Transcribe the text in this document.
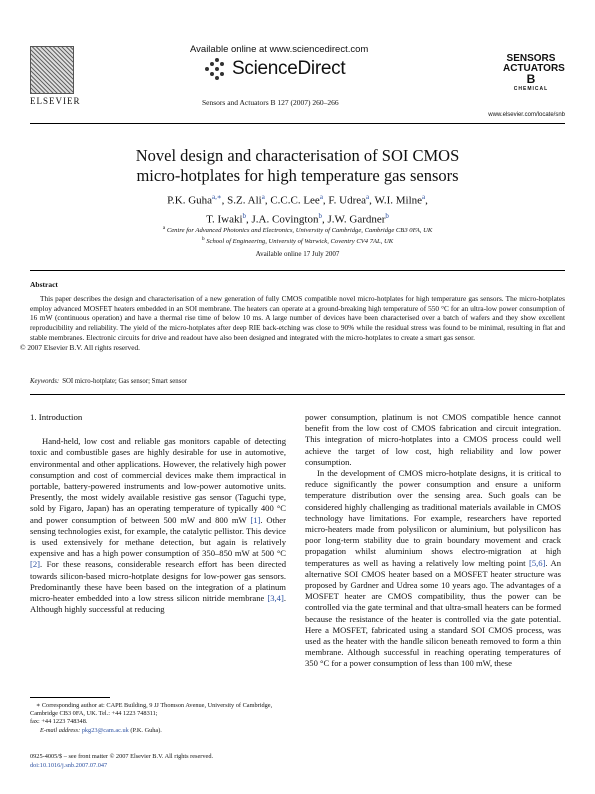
ELSEVIER
Available online at www.sciencedirect.com
ScienceDirect
Sensors and Actuators B 127 (2007) 260–266
SENSORS
ACTUATORS
B
CHEMICAL
www.elsevier.com/locate/snb
Novel design and characterisation of SOI CMOS
micro-hotplates for high temperature gas sensors
P.K. Guha$^{a,∗}$, S.Z. Ali$^a$, C.C.C. Lee$^a$, F. Udrea$^a$, W.I. Milne$^a$,
T. Iwaki$^b$, J.A. Covington$^b$, J.W. Gardner$^b$
$^a$ Centre for Advanced Photonics and Electronics, University of Cambridge, Cambridge CB3 0FA, UK
$^b$ School of Engineering, University of Warwick, Coventry CV4 7AL, UK
Available online 17 July 2007
Abstract
This paper describes the design and characterisation of a new generation of fully CMOS compatible novel micro-hotplates for high temperature gas sensors. The micro-hotplates employ advanced MOSFET heaters embedded in an SOI membrane. The heaters can operate at a ground-breaking high temperature of 550 °C for an ultra-low power consumption of 16 mW (continuous operation) and have a thermal rise time of below 10 ms. A large number of devices have been characterised over a batch of wafers and they show excellent reproducibility and reliability. The yield of the micro-hotplates after deep RIE back-etching was close to 90% while the residual stress was found to be minimal, resulting in flat and stable membranes. Electronic circuits for drive and readout have also been designed and integrated with the micro-hotplates to create a smart gas sensor.
© 2007 Elsevier B.V. All rights reserved.
Keywords: SOI micro-hotplate; Gas sensor; Smart sensor
1. Introduction
Hand-held, low cost and reliable gas monitors capable of detecting toxic and combustible gases are highly desirable for use in automotive, environmental and other applications. However, the relatively high power consumption and cost of commercial devices make them impractical in portable, battery-powered instruments and low-power automotive units. Presently, the most widely available resistive gas sensor (Taguchi type, sold by Figaro, Japan) has an operating temperature of typically 400 °C and power consumption of between 500 mW and 800 mW [1]. Other sensing technologies exist, for example, the catalytic pellistor. This device is used extensively for methane detection, but again is relatively expensive and has a high power consumption of 350–850 mW at 500 °C [2]. For these reasons, considerable research effort has been directed towards silicon-based micro-hotplate designs for low-power gas sensors. Predominantly these have been based on the integration of a platinum micro-heater embedded into a low stress silicon nitride membrane [3,4]. Although highly successful at reducing
power consumption, platinum is not CMOS compatible hence cannot benefit from the low cost of CMOS fabrication and circuit integration. This integration of micro-hotplates into a CMOS process could well achieve the target of low cost, high reliability and low power consumption.
In the development of CMOS micro-hotplate designs, it is critical to reduce significantly the power consumption and ensure a uniform temperature distribution over the sensing area. Such goals can be considered highly challenging as traditional materials available in CMOS technology have limitations. For example, researchers have reported micro-heaters made from polysilicon or aluminium, but polysilicon has poor long-term stability due to grain boundary movement and crack propagation whilst aluminium shows electro-migration at high temperatures as well as having a relatively low melting point [5,6]. An alternative SOI CMOS heater based on a MOSFET heater structure was proposed by Gardner and Udrea some 10 years ago. The advantages of a MOSFET heater are CMOS compatibility, thus the power can be controlled via the gate terminal and that ultra-small heaters can be formed because the resistance of the heater is controlled via the gate potential. Here a MOSFET, fabricated using a standard SOI CMOS process, was used as the heater with the handle silicon beneath removed to form a thin membrane. Although successful in reaching operating temperatures of 350 °C for a power consumption of less than 100 mW, these
∗ Corresponding author at: CAPE Building, 9 JJ Thomson Avenue, University of Cambridge, Cambridge CB3 0FA, UK. Tel.: +44 1223 748311;
fax: +44 1223 748348.
E-mail address: pkg23@cam.ac.uk (P.K. Guha).
0925-4005/$ – see front matter © 2007 Elsevier B.V. All rights reserved.
doi:10.1016/j.snb.2007.07.047
